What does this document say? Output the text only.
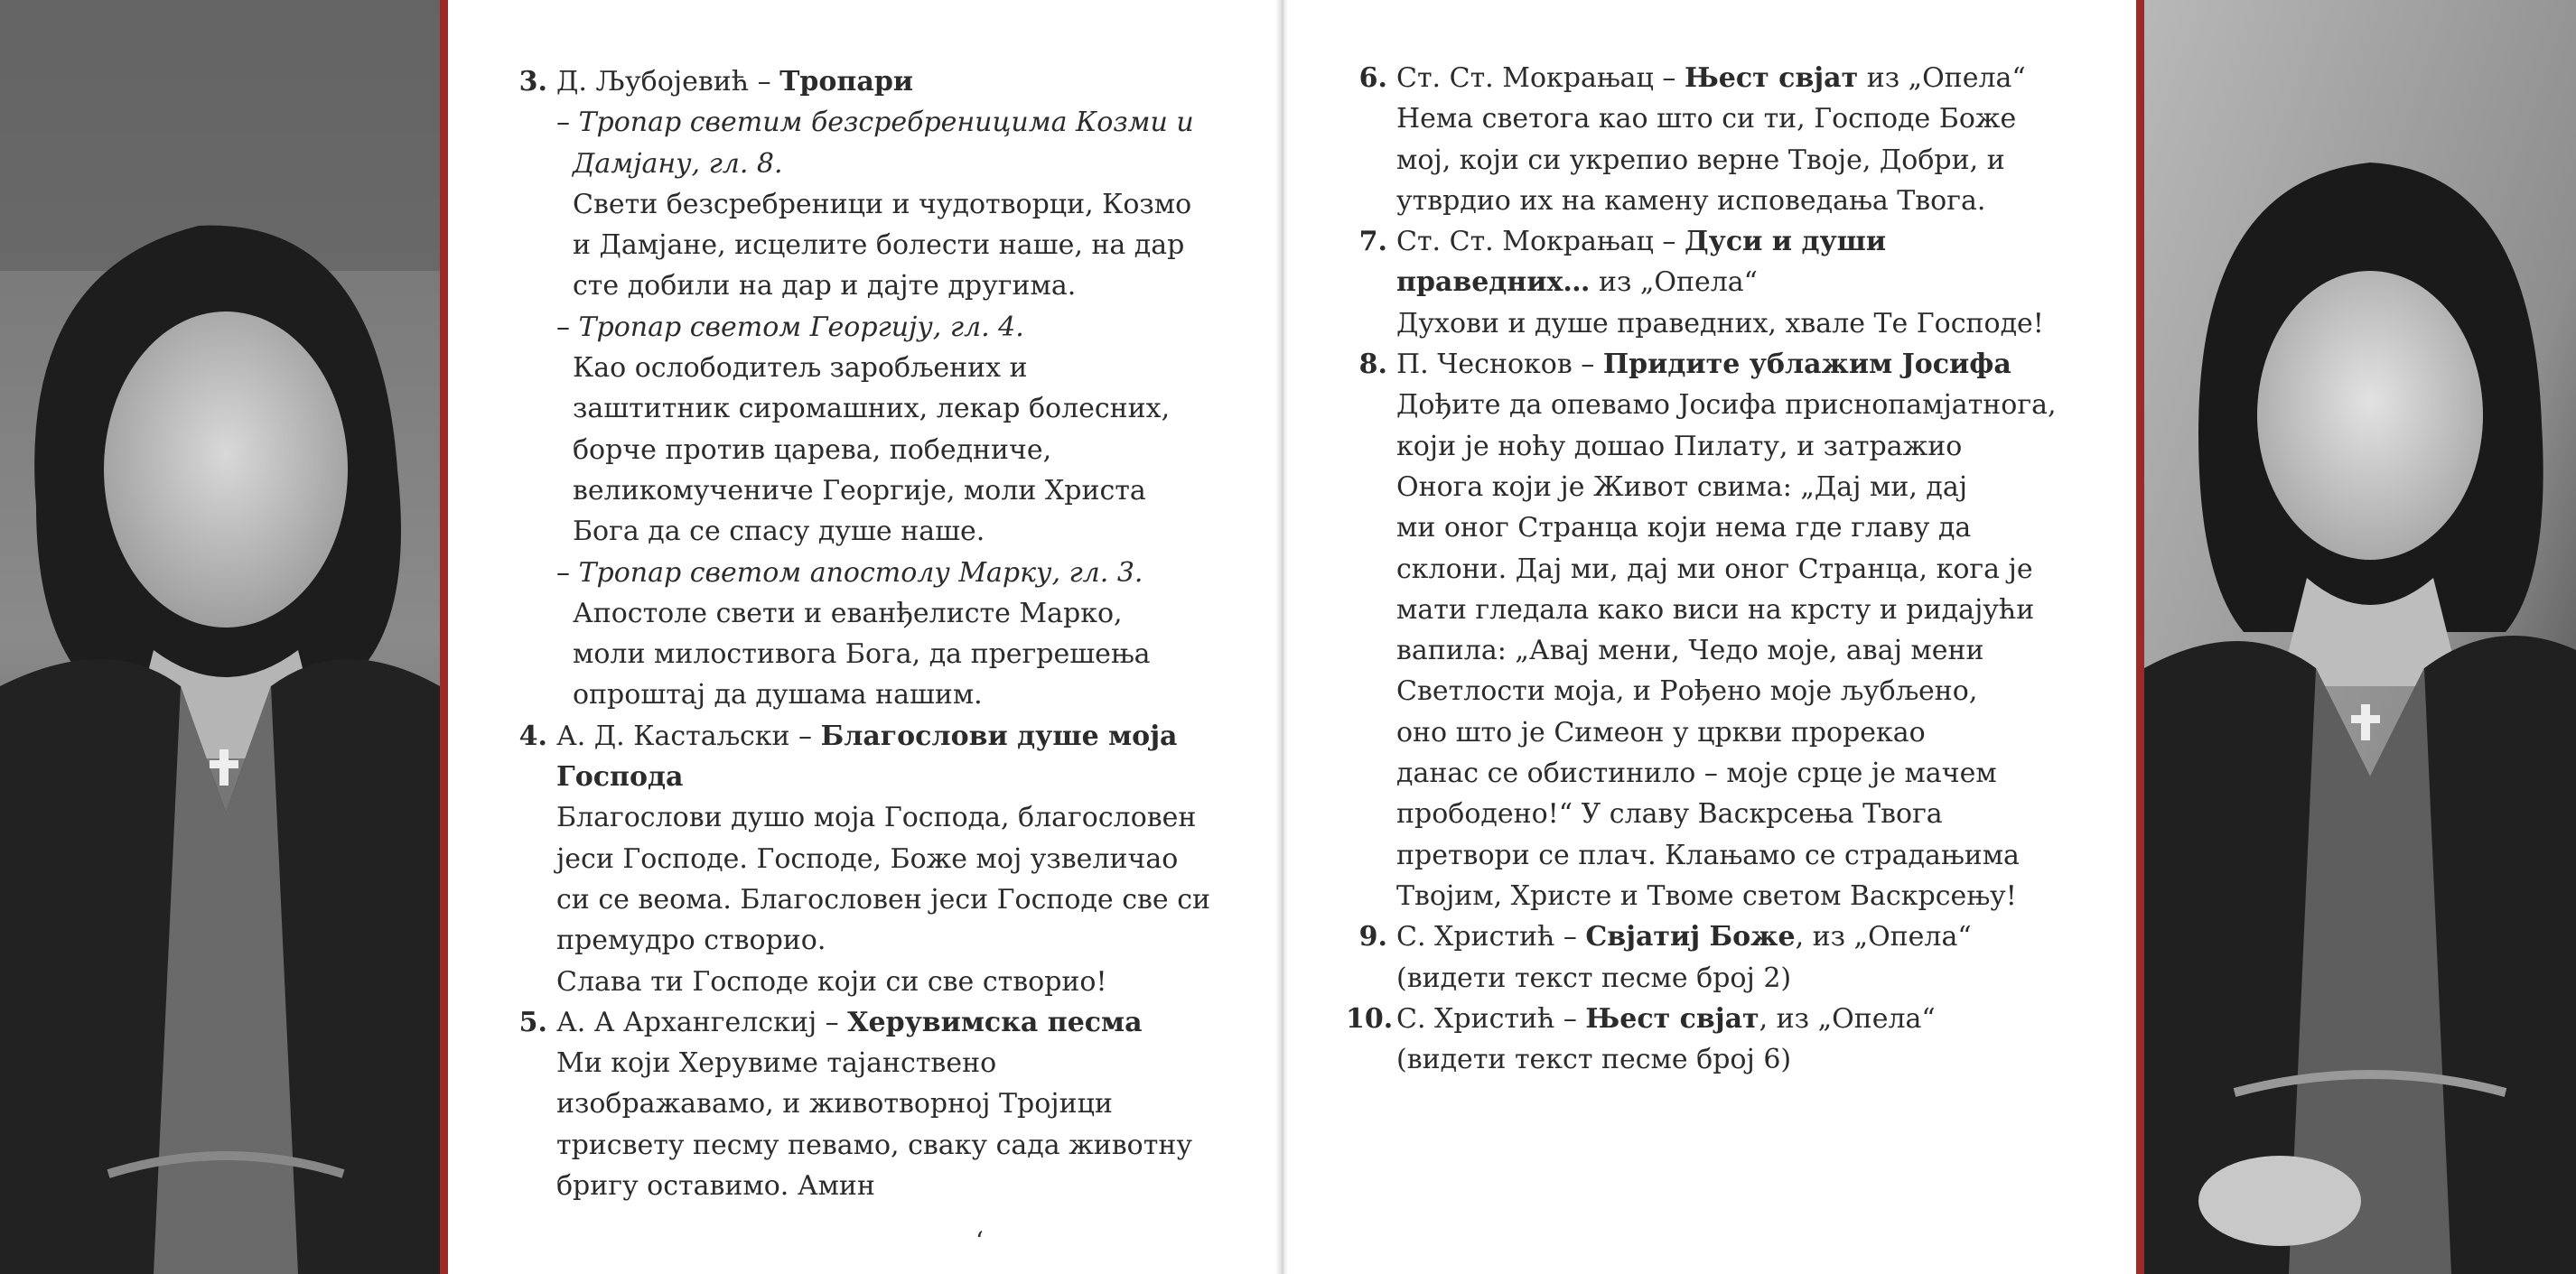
3. Д. Љубојевић – Тропари
– Тропар светим безсребреницима Козми и
Дамјану, гл. 8.
Свети безсребреници и чудотворци, Козмо
и Дамјане, исцелите болести наше, на дар
сте добили на дар и дајте другима.
– Тропар светом Георгију, гл. 4.
Као ослободитељ заробљених и
заштитник сиромашних, лекар болесних,
борче против царева, победниче,
великомучениче Георгије, моли Христа
Бога да се спасу душе наше.
– Тропар светом апостолу Марку, гл. 3.
Апостоле свети и еванђелисте Марко,
моли милостивога Бога, да прегрешења
опроштај да душама нашим.
4. А. Д. Кастаљски – Благослови душе моја
Господа
Благослови душо моја Господа, благословен
јеси Господе. Господе, Боже мој узвеличао
си се веома. Благословен јеси Господе све си
премудро створио.
Слава ти Господе који си све створио!
5. А. А Архангелскиј – Херувимска песма
Ми који Херувиме тајанствено
изображавамо, и животворној Тројици
трисвету песму певамо, сваку сада животну
бригу оставимо. Амин
‘
6. Ст. Ст. Мокрањац – Њест свјат из „Опела“
Нема светога као што си ти, Господе Боже
мој, који си укрепио верне Твоје, Добри, и
утврдио их на камену исповедања Твога.
7. Ст. Ст. Мокрањац – Дуси и души
праведних… из „Опела“
Духови и душе праведних, хвале Те Господе!
8. П. Чесноков – Придите ублажим Јосифа
Дођите да опевамо Јосифа приснопамјатнога,
који је ноћу дошао Пилату, и затражио
Онога који је Живот свима: „Дај ми, дај
ми оног Странца који нема где главу да
склони. Дај ми, дај ми оног Странца, кога је
мати гледала како виси на крсту и ридајући
вапила: „Авај мени, Чедо моје, авај мени
Светлости моја, и Рођено моје љубљено,
оно што је Симеон у цркви прорекао
данас се обистинило – моје срце је мачем
прободено!“ У славу Васкрсења Твога
претвори се плач. Клањамо се страдањима
Твојим, Христе и Твоме светом Васкрсењу!
9. С. Христић – Свјатиј Боже, из „Опела“
(видети текст песме број 2)
10. С. Христић – Њест свјат, из „Опела“
(видети текст песме број 6)
